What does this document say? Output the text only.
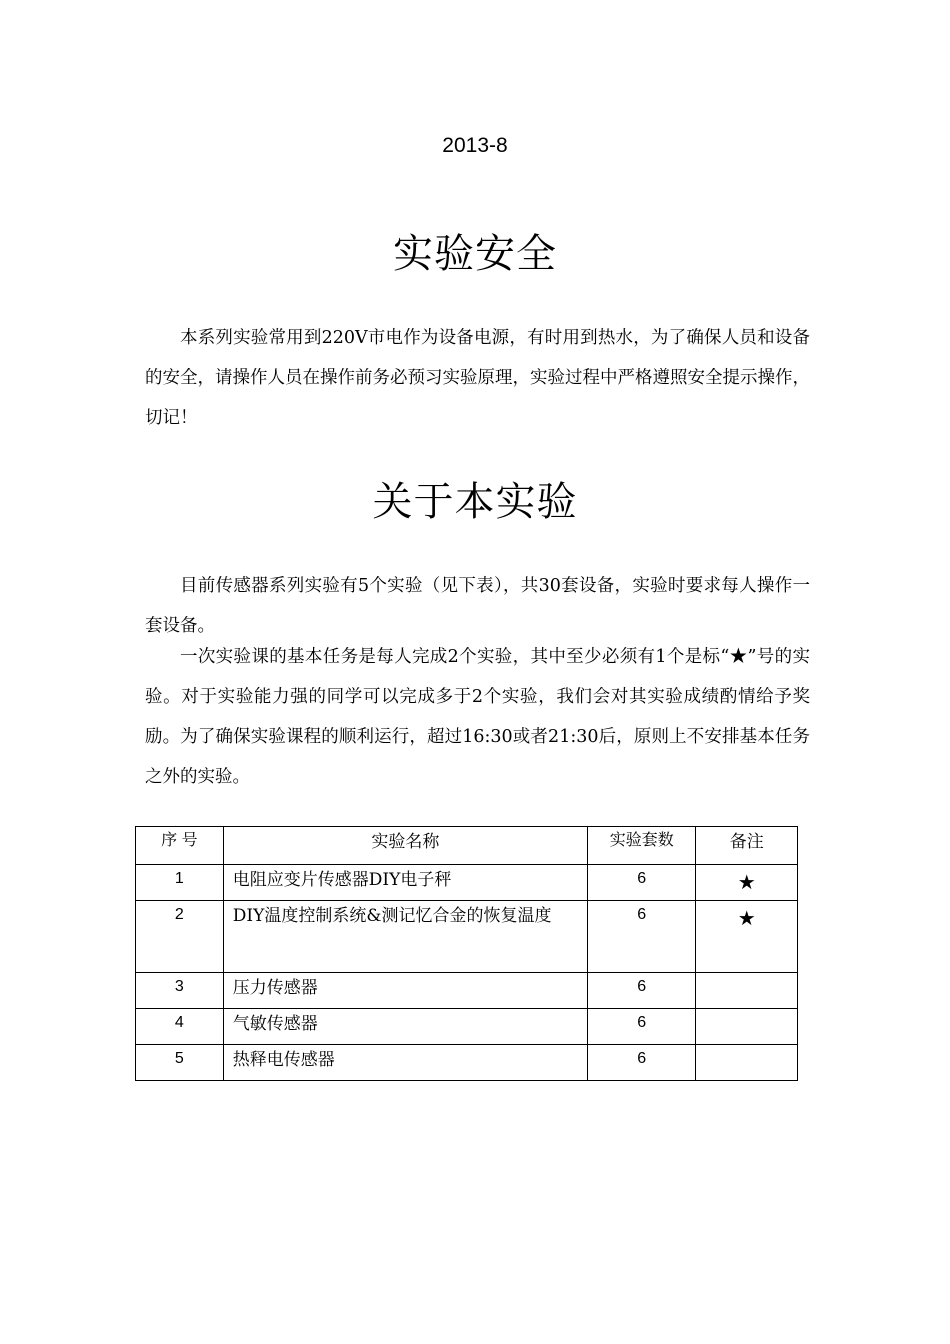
2013-8
实验安全
本系列实验常用到220V市电作为设备电源，有时用到热水，为了确保人员和设备的安全，请操作人员在操作前务必预习实验原理，实验过程中严格遵照安全提示操作，切记！
关于本实验
目前传感器系列实验有5个实验（见下表），共30套设备，实验时要求每人操作一套设备。
一次实验课的基本任务是每人完成2个实验，其中至少必须有1个是标“★”号的实验。对于实验能力强的同学可以完成多于2个实验，我们会对其实验成绩酌情给予奖励。为了确保实验课程的顺利运行，超过16:30或者21:30后，原则上不安排基本任务之外的实验。
序 号	实验名称	实验套数	备注
1	电阻应变片传感器DIY电子秤	6	★
2	DIY温度控制系统&测记忆合金的恢复温度	6	★
3	压力传感器	6	
4	气敏传感器	6	
5	热释电传感器	6	
